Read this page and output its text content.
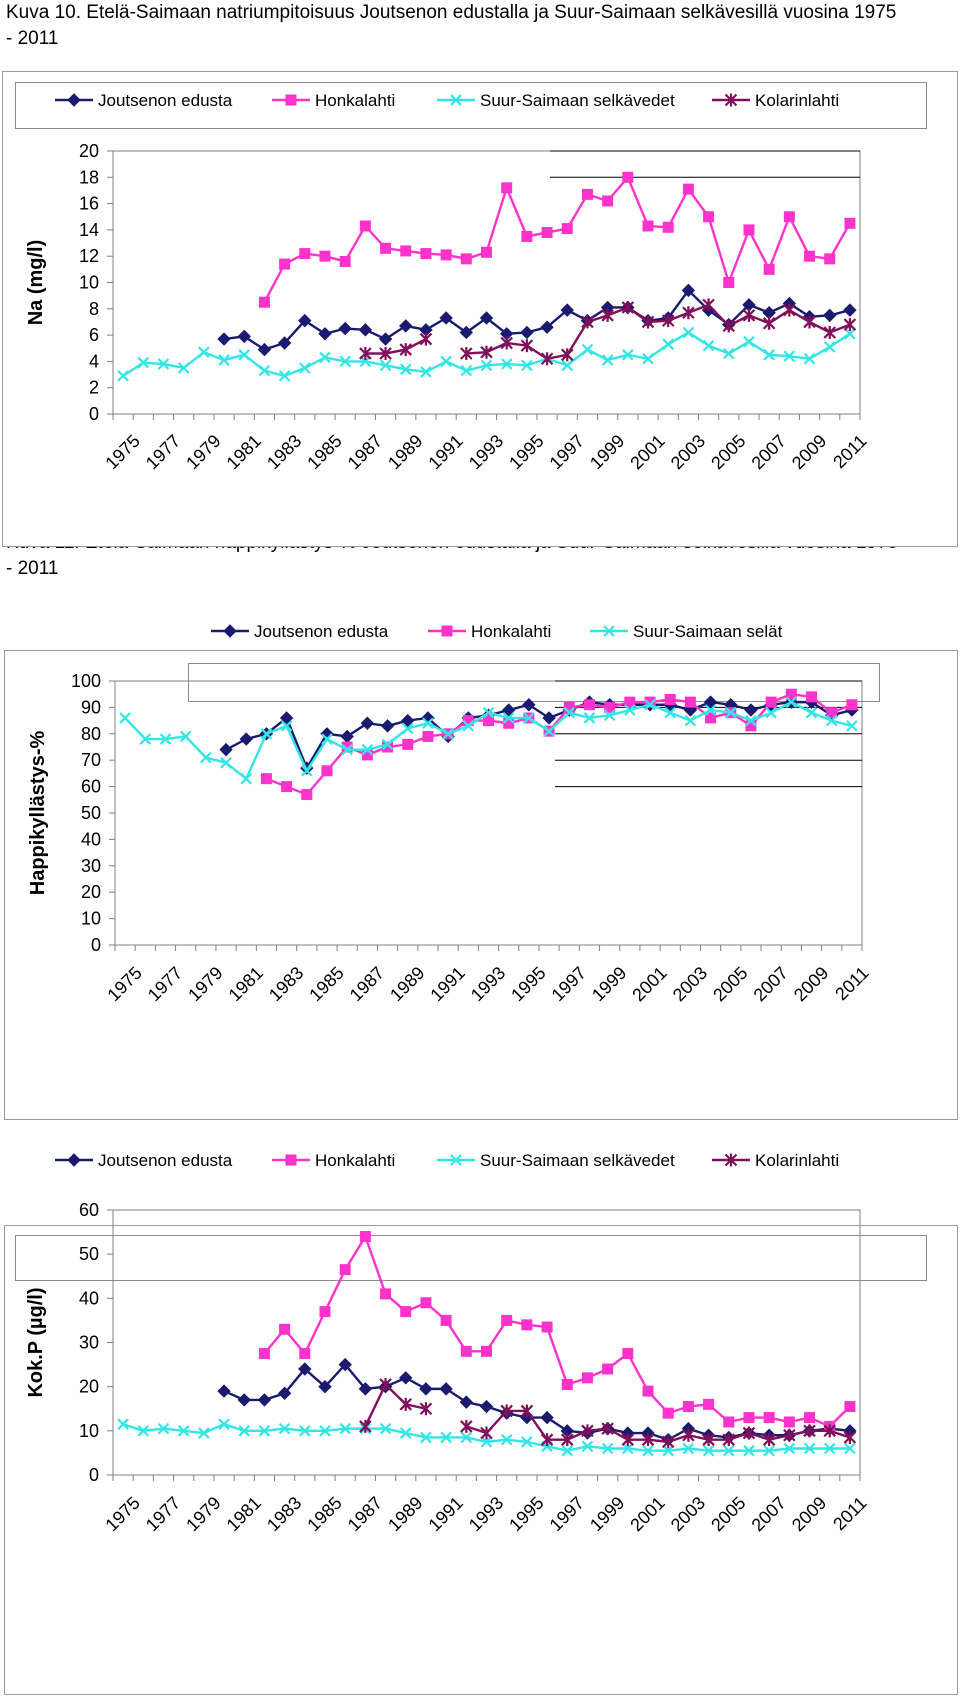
Kuva 10. Etelä-Saimaan natriumpitoisuus Joutsenon edustalla ja Suur-Saimaan selkävesillä vuosina 1975 - 2011
- 2011
0
2
4
6
8
10
12
14
16
18
20
1975
1977
1979
1981
1983
1985
1987
1989
1991
1993
1995
1997
1999
2001
2003
2005
2007
2009
2011
Na (mg/l)
Joutsenon edusta	Honkalahti	Suur-Saimaan selkävedet	Kolarinlahti
0
10
20
30
40
50
60
70
80
90
100
1975
1977
1979
1981
1983
1985
1987
1989
1991
1993
1995
1997
1999
2001
2003
2005
2007
2009
2011
Happikyllästys-%
Joutsenon edusta	Honkalahti	Suur-Saimaan selät
0
10
20
30
40
50
60
1975
1977
1979
1981
1983
1985
1987
1989
1991
1993
1995
1997
1999
2001
2003
2005
2007
2009
2011
Kok.P (µg/l)
Joutsenon edusta	Honkalahti	Suur-Saimaan selkävedet	Kolarinlahti
